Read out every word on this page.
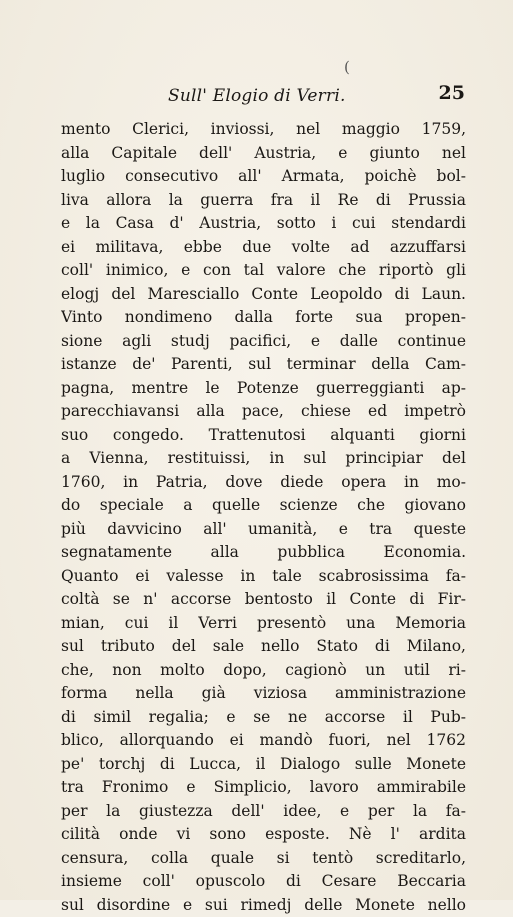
(
Sull' Elogio di Verri.	25
mento Clerici, inviossi, nel maggio 1759,
alla Capitale dell' Austria, e giunto nel
luglio consecutivo all' Armata, poichè bol-
liva allora la guerra fra il Re di Prussia
e la Casa d' Austria, sotto i cui stendardi
ei militava, ebbe due volte ad azzuffarsi
coll' inimico, e con tal valore che riportò gli
elogj del Maresciallo Conte Leopoldo di Laun.
Vinto nondimeno dalla forte sua propen-
sione agli studj pacifici, e dalle continue
istanze de' Parenti, sul terminar della Cam-
pagna, mentre le Potenze guerreggianti ap-
parecchiavansi alla pace, chiese ed impetrò
suo congedo. Trattenutosi alquanti giorni
a Vienna, restituissi, in sul principiar del
1760, in Patria, dove diede opera in mo-
do speciale a quelle scienze che giovano
più davvicino all' umanità, e tra queste
segnatamente alla pubblica Economia.
Quanto ei valesse in tale scabrosissima fa-
coltà se n' accorse bentosto il Conte di Fir-
mian, cui il Verri presentò una Memoria
sul tributo del sale nello Stato di Milano,
che, non molto dopo, cagionò un util ri-
forma nella già viziosa amministrazione
di simil regalia; e se ne accorse il Pub-
blico, allorquando ei mandò fuori, nel 1762
pe' torchj di Lucca, il Dialogo sulle Monete
tra Fronimo e Simplicio, lavoro ammirabile
per la giustezza dell' idee, e per la fa-
cilità onde vi sono esposte. Nè l' ardita
censura, colla quale si tentò screditarlo,
insieme coll' opuscolo di Cesare Beccaria
sul disordine e sui rimedj delle Monete nello
